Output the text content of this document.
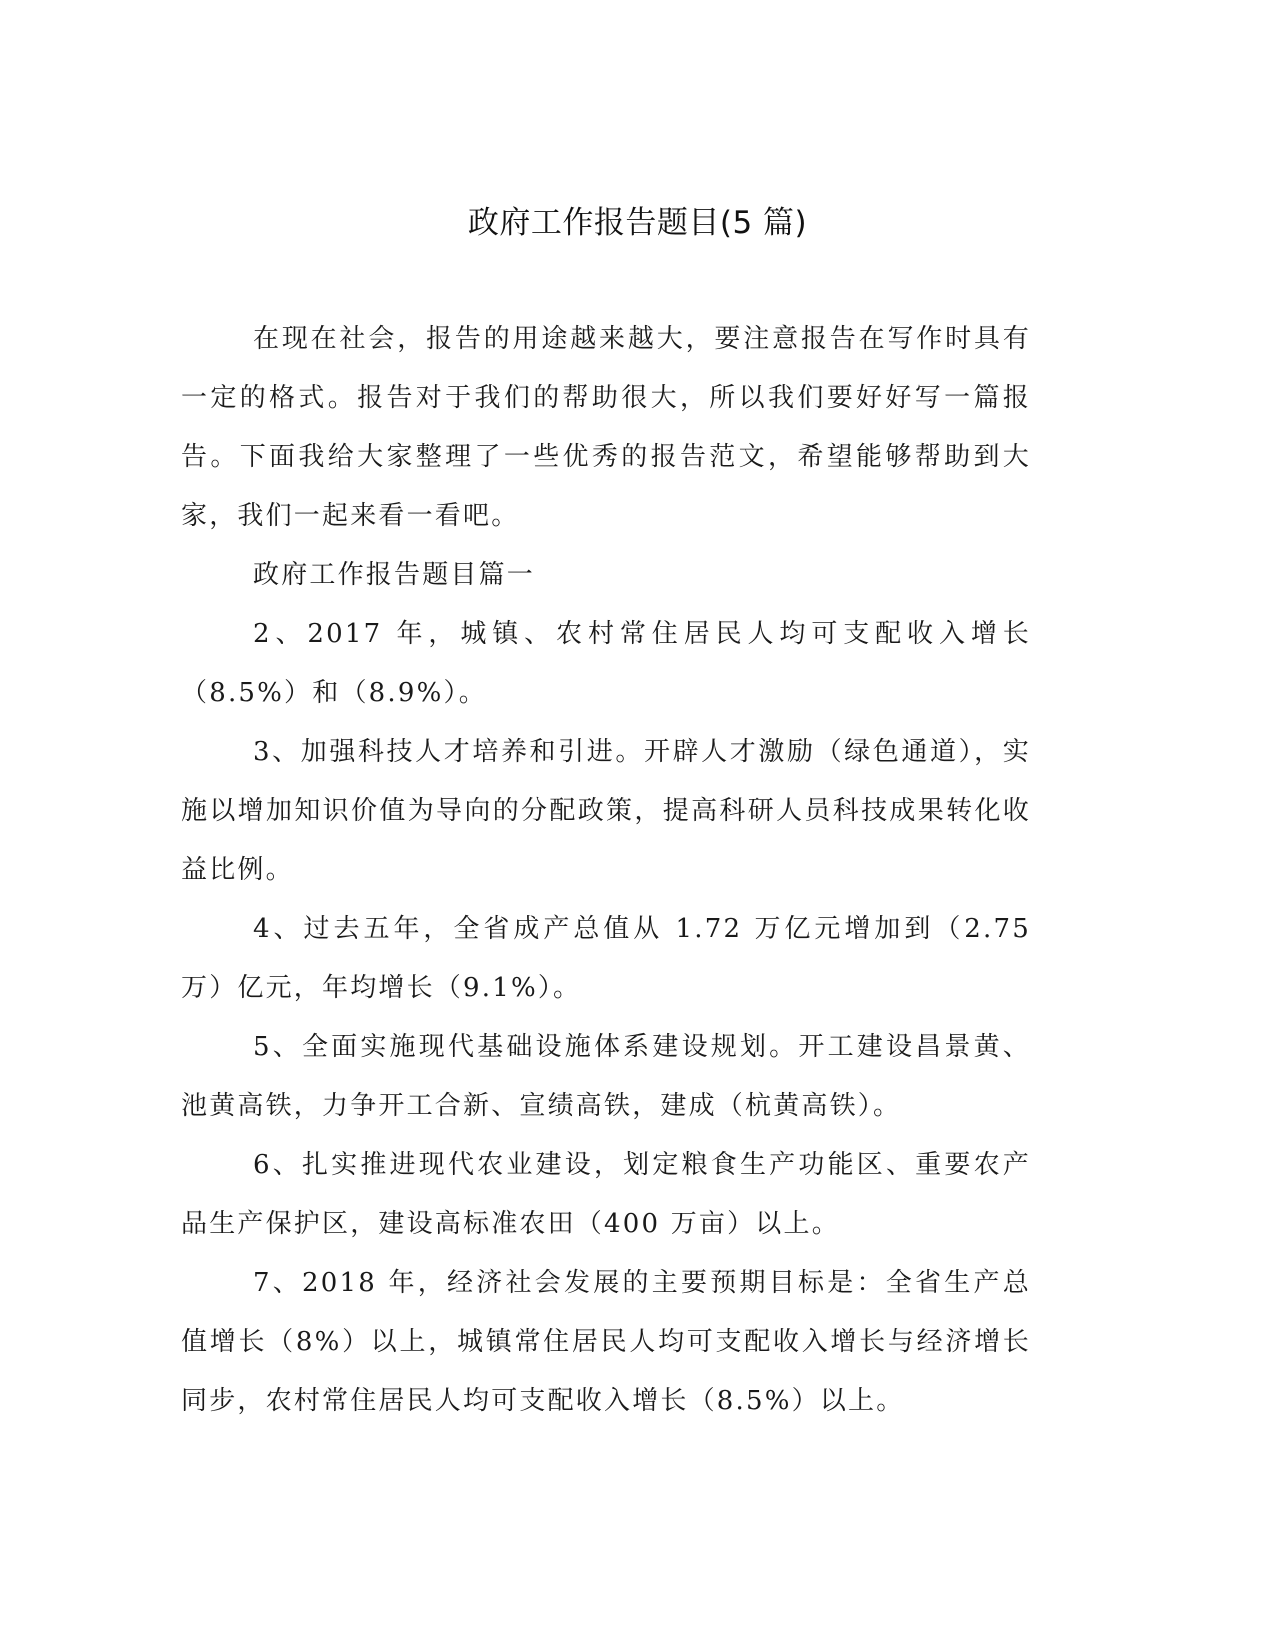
政府工作报告题目(5 篇)

在现在社会，报告的用途越来越大，要注意报告在写作时具有一定的格式。报告对于我们的帮助很大，所以我们要好好写一篇报告。下面我给大家整理了一些优秀的报告范文，希望能够帮助到大家，我们一起来看一看吧。

政府工作报告题目篇一

2、2017 年，城镇、农村常住居民人均可支配收入增长（8.5%）和（8.9%）。

3、加强科技人才培养和引进。开辟人才激励（绿色通道），实施以增加知识价值为导向的分配政策，提高科研人员科技成果转化收益比例。

4、过去五年，全省成产总值从 1.72 万亿元增加到（2.75 万）亿元，年均增长（9.1%）。

5、全面实施现代基础设施体系建设规划。开工建设昌景黄、池黄高铁，力争开工合新、宣绩高铁，建成（杭黄高铁）。

6、扎实推进现代农业建设，划定粮食生产功能区、重要农产品生产保护区，建设高标准农田（400 万亩）以上。

7、2018 年，经济社会发展的主要预期目标是：全省生产总值增长（8%）以上，城镇常住居民人均可支配收入增长与经济增长同步，农村常住居民人均可支配收入增长（8.5%）以上。
